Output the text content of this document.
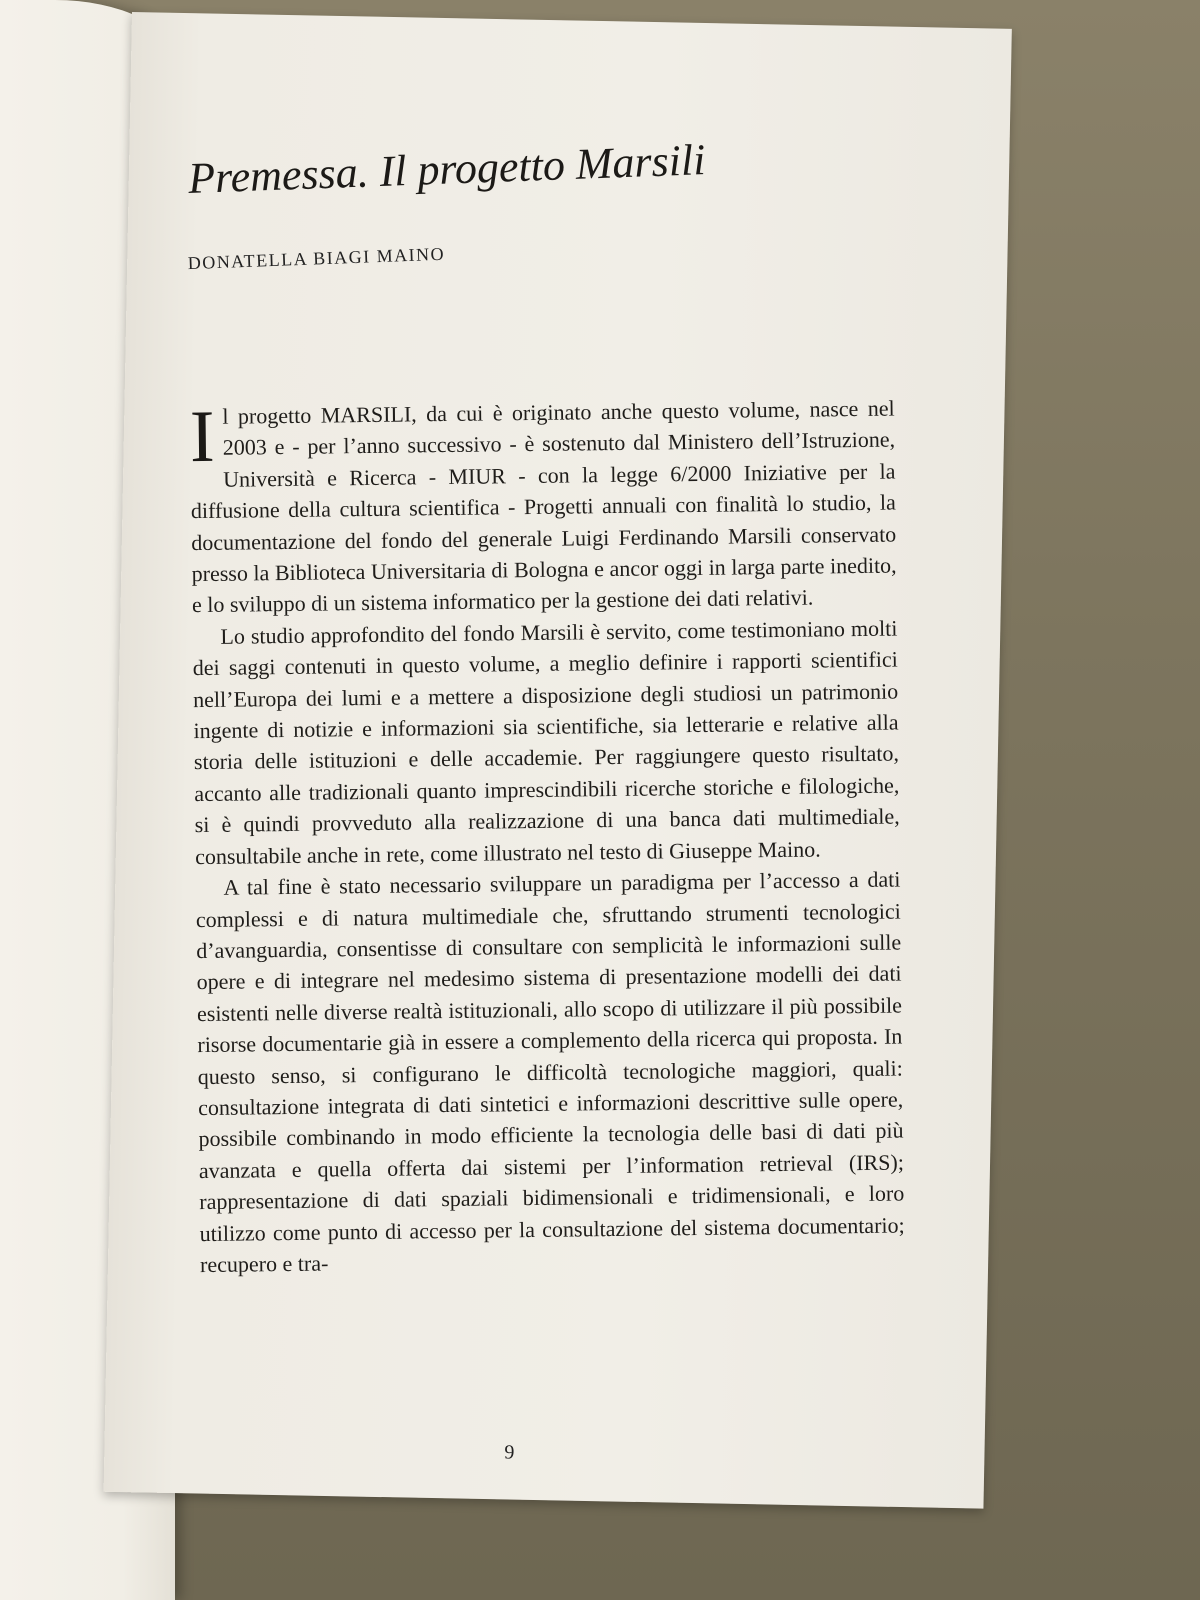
Premessa. Il progetto Marsili
DONATELLA BIAGI MAINO

Il progetto MARSILI, da cui è originato anche questo volume, nasce nel 2003 e - per l’anno successivo - è sostenuto dal Ministero dell’Istruzione, Università e Ricerca - MIUR - con la legge 6/2000 Iniziative per la diffusione della cultura scientifica - Progetti annuali con finalità lo studio, la documentazione del fondo del generale Luigi Ferdinando Marsili conservato presso la Biblioteca Universitaria di Bologna e ancor oggi in larga parte inedito, e lo sviluppo di un sistema informatico per la gestione dei dati relativi.

Lo studio approfondito del fondo Marsili è servito, come testimoniano molti dei saggi contenuti in questo volume, a meglio definire i rapporti scientifici nell’Europa dei lumi e a mettere a disposizione degli studiosi un patrimonio ingente di notizie e informazioni sia scientifiche, sia letterarie e relative alla storia delle istituzioni e delle accademie. Per raggiungere questo risultato, accanto alle tradizionali quanto imprescindibili ricerche storiche e filologiche, si è quindi provveduto alla realizzazione di una banca dati multimediale, consultabile anche in rete, come illustrato nel testo di Giuseppe Maino.

A tal fine è stato necessario sviluppare un paradigma per l’accesso a dati complessi e di natura multimediale che, sfruttando strumenti tecnologici d’avanguardia, consentisse di consultare con semplicità le informazioni sulle opere e di integrare nel medesimo sistema di presentazione modelli dei dati esistenti nelle diverse realtà istituzionali, allo scopo di utilizzare il più possibile risorse documentarie già in essere a complemento della ricerca qui proposta. In questo senso, si configurano le difficoltà tecnologiche maggiori, quali: consultazione integrata di dati sintetici e informazioni descrittive sulle opere, possibile combinando in modo efficiente la tecnologia delle basi di dati più avanzata e quella offerta dai sistemi per l’information retrieval (IRS); rappresentazione di dati spaziali bidimensionali e tridimensionali, e loro utilizzo come punto di accesso per la consultazione del sistema documentario; recupero e tra-

9
